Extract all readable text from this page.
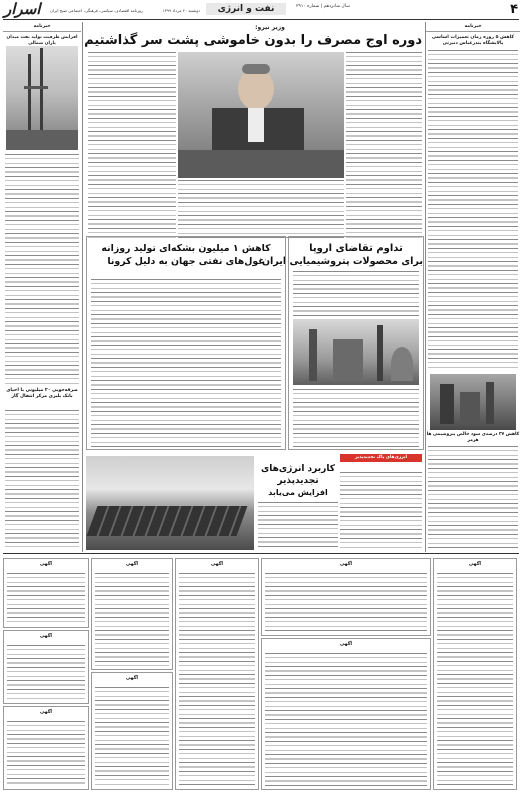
۴
نفت و انرژی	سال شانزدهم | شماره ۲۹۱۰
دوشنبه ۲۰ مرداد ۱۳۹۹
روزنامه اقتصادی، سیاسی، فرهنگی، اجتماعی صبح ایران
اسرار
خبرنامه
کاهش ۵ روزه زمان تعمیرات اساسی پالایشگاه بندرعباس دنبرنی
کاهش ۳۷ درصدی سود خالص پتروشیمی ها هرمز
خبرنامه
افزایش ظرفیت تولید نفت میدان یاران شمالی
صرفه‌جویی ۲۰ میلیونی با احیای بانک بلبری مرکز انتقال گاز
وزیر نیرو:
دوره اوج مصرف را بدون خاموشی پشت سر گذاشتیم
تداوم تقاضای اروپا
برای محصولات پتروشیمیایی ایران
کاهش ۱ میلیون بشکه‌ای تولید روزانه
غول‌های نفتی جهان به دلیل کرونا
انرژی‌های پاک تجدیدپذیر
کاربرد انرژی‌های
تجدیدپذیر
افزایش می‌یابد
آگهی
آگهی
آگهی
آگهی
آگهی
آگهی
آگهی
آگهی
آگهی
